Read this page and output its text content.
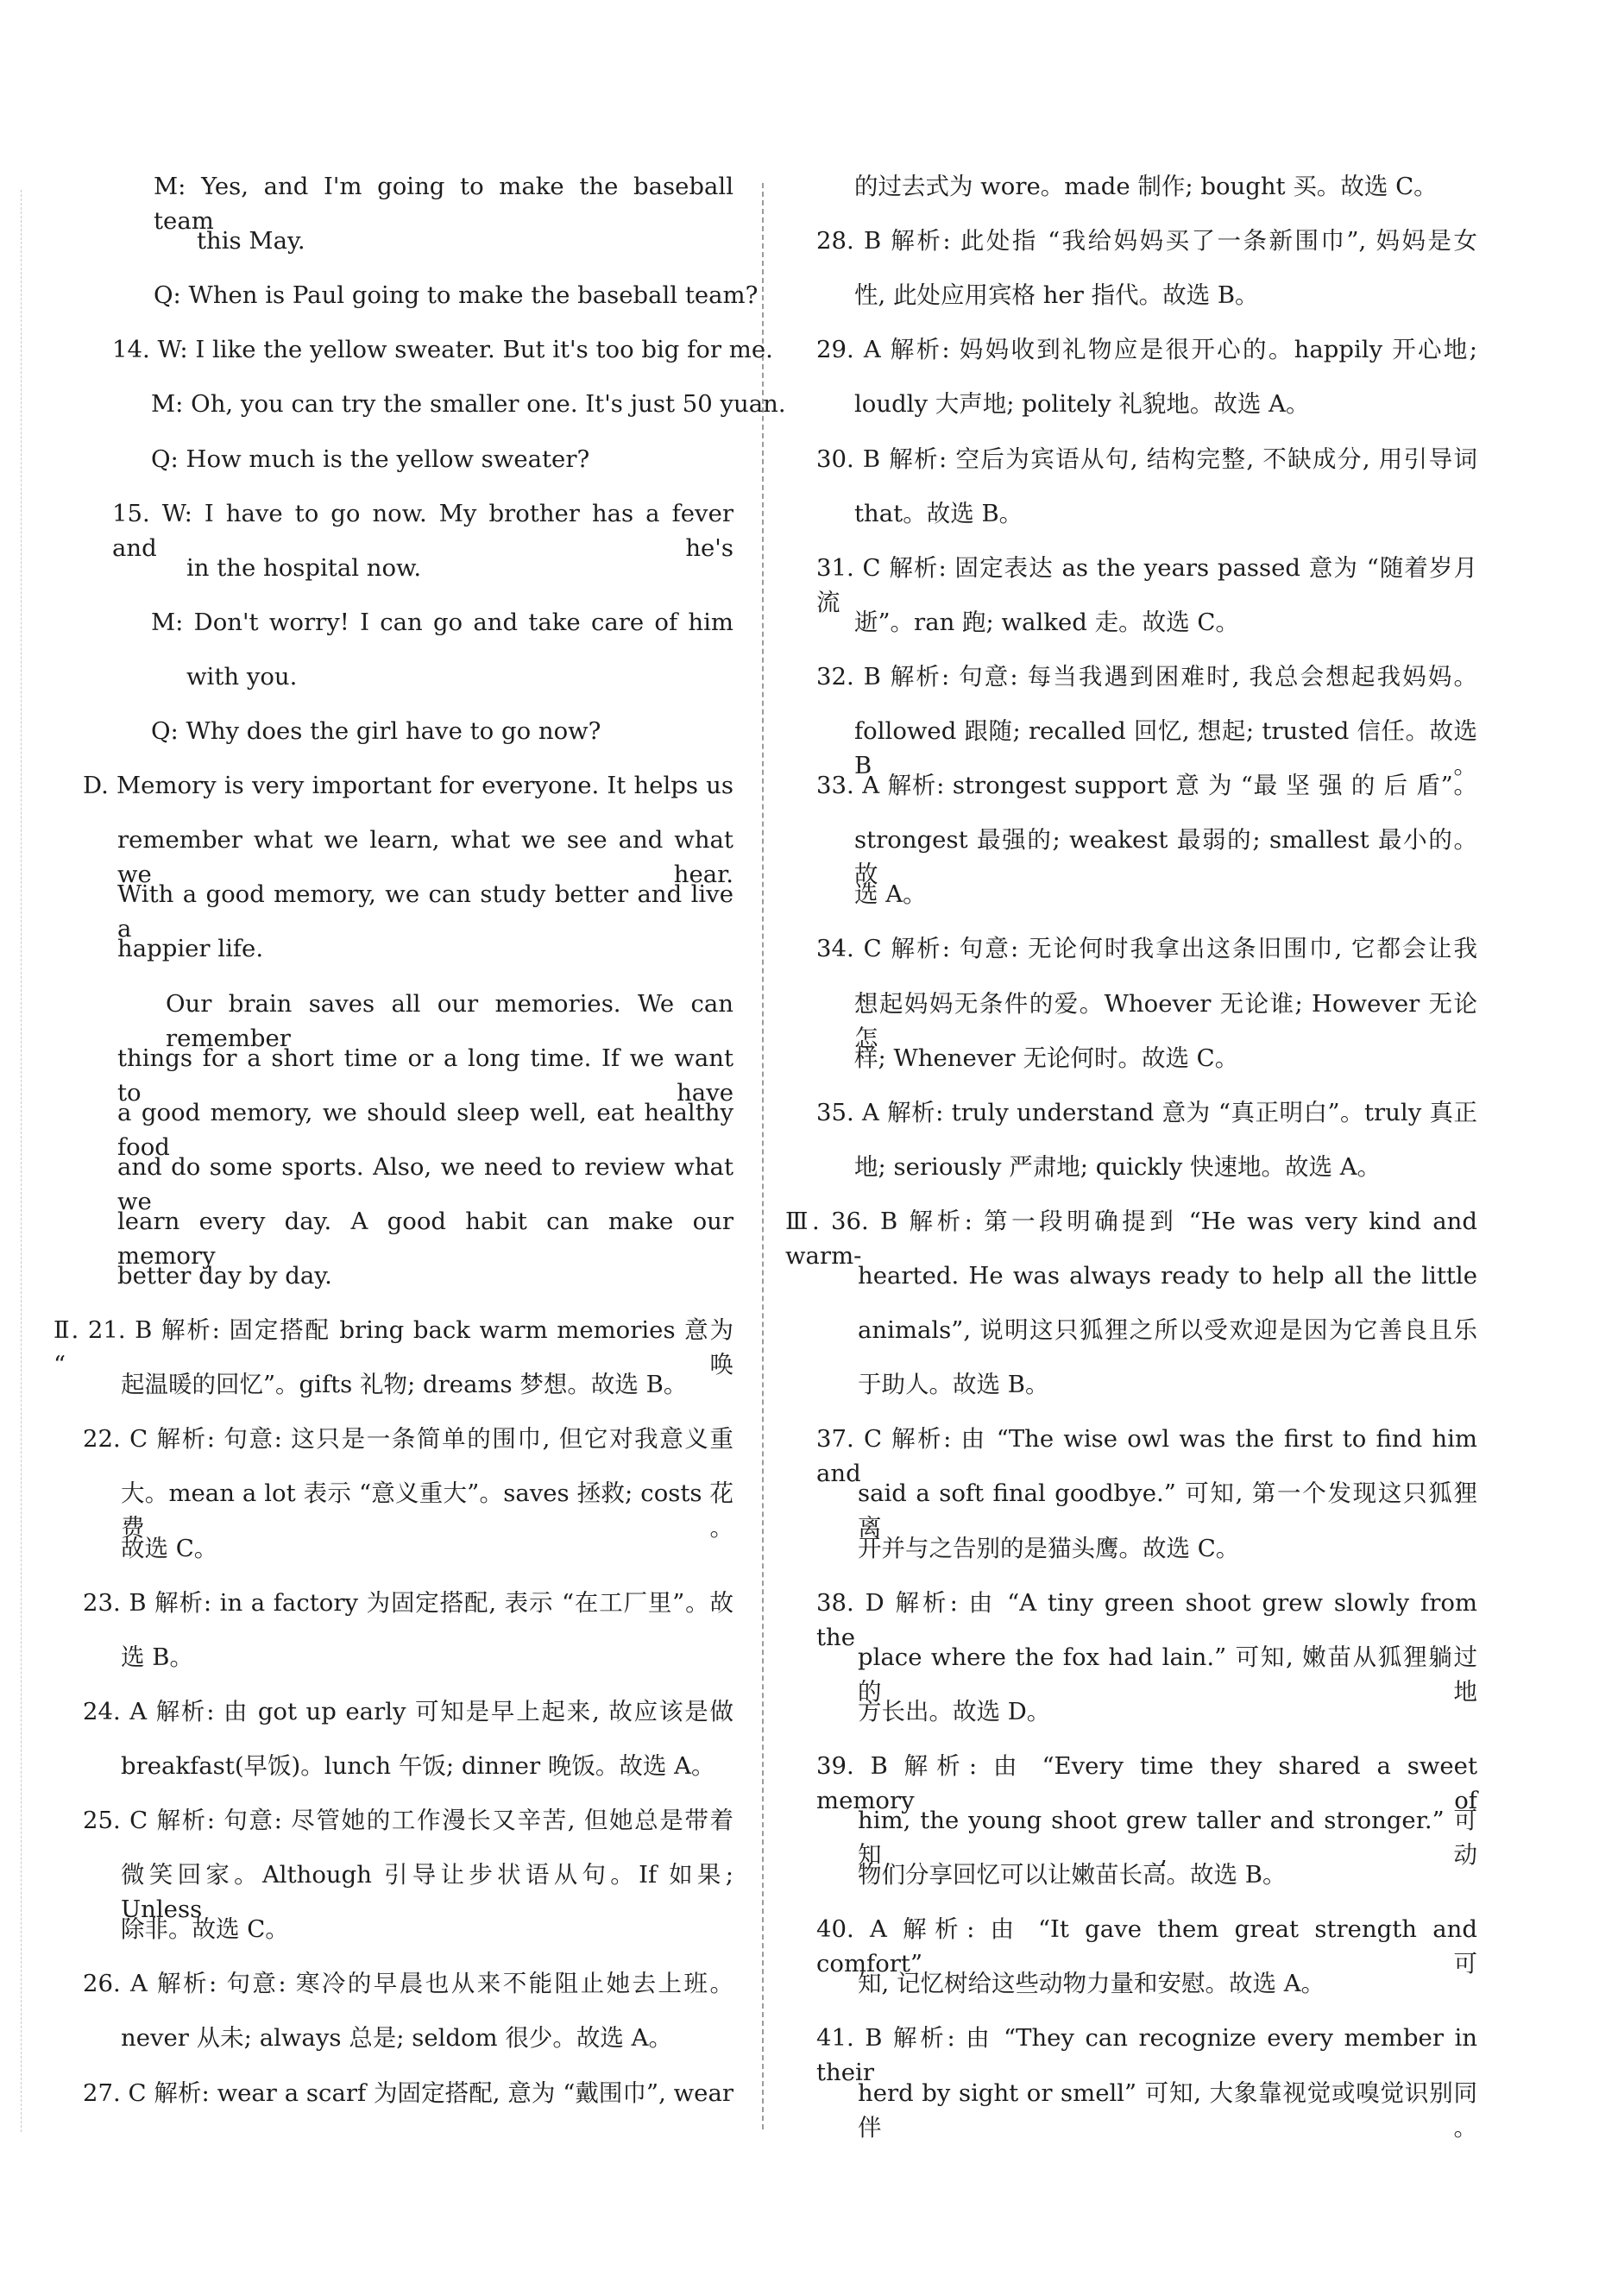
M: Yes, and I'm going to make the baseball team
this May.
Q: When is Paul going to make the baseball team?
14. W: I like the yellow sweater. But it's too big for me.
M: Oh, you can try the smaller one. It's just 50 yuan.
Q: How much is the yellow sweater?
15. W: I have to go now. My brother has a fever and he's
in the hospital now.
M: Don't worry! I can go and take care of him
with you.
Q: Why does the girl have to go now?
D. Memory is very important for everyone. It helps us
remember what we learn, what we see and what we hear.
With a good memory, we can study better and live a
happier life.
Our brain saves all our memories. We can remember
things for a short time or a long time. If we want to have
a good memory, we should sleep well, eat healthy food
and do some sports. Also, we need to review what we
learn every day. A good habit can make our memory
better day by day.
Ⅱ. 21. B 解析: 固定搭配 bring back warm memories 意为 “唤
起温暖的回忆”。gifts 礼物; dreams 梦想。故选 B。
22. C 解析: 句意: 这只是一条简单的围巾, 但它对我意义重
大。mean a lot 表示 “意义重大”。saves 拯救; costs 花费。
故选 C。
23. B 解析: in a factory 为固定搭配, 表示 “在工厂里”。故
选 B。
24. A 解析: 由 got up early 可知是早上起来, 故应该是做
breakfast(早饭)。lunch 午饭; dinner 晚饭。故选 A。
25. C 解析: 句意: 尽管她的工作漫长又辛苦, 但她总是带着
微笑回家。Although 引导让步状语从句。If 如果; Unless
除非。故选 C。
26. A 解析: 句意: 寒冷的早晨也从来不能阻止她去上班。
never 从未; always 总是; seldom 很少。故选 A。
27. C 解析: wear a scarf 为固定搭配, 意为 “戴围巾”, wear
的过去式为 wore。made 制作; bought 买。故选 C。
28. B 解析: 此处指 “我给妈妈买了一条新围巾”, 妈妈是女
性, 此处应用宾格 her 指代。故选 B。
29. A 解析: 妈妈收到礼物应是很开心的。happily 开心地;
loudly 大声地; politely 礼貌地。故选 A。
30. B 解析: 空后为宾语从句, 结构完整, 不缺成分, 用引导词
that。故选 B。
31. C 解析: 固定表达 as the years passed 意为 “随着岁月流
逝”。ran 跑; walked 走。故选 C。
32. B 解析: 句意: 每当我遇到困难时, 我总会想起我妈妈。
followed 跟随; recalled 回忆, 想起; trusted 信任。故选 B。
33. A 解析: strongest support 意 为 “最 坚 强 的 后 盾”。
strongest 最强的; weakest 最弱的; smallest 最小的。故
选 A。
34. C 解析: 句意: 无论何时我拿出这条旧围巾, 它都会让我
想起妈妈无条件的爱。Whoever 无论谁; However 无论怎
样; Whenever 无论何时。故选 C。
35. A 解析: truly understand 意为 “真正明白”。truly 真正
地; seriously 严肃地; quickly 快速地。故选 A。
Ⅲ. 36. B 解析: 第一段明确提到 “He was very kind and warm-
hearted. He was always ready to help all the little
animals”, 说明这只狐狸之所以受欢迎是因为它善良且乐
于助人。故选 B。
37. C 解析: 由 “The wise owl was the first to find him and
said a soft final goodbye.” 可知, 第一个发现这只狐狸离
开并与之告别的是猫头鹰。故选 C。
38. D 解析: 由 “A tiny green shoot grew slowly from the
place where the fox had lain.” 可知, 嫩苗从狐狸躺过的地
方长出。故选 D。
39. B 解析: 由 “Every time they shared a sweet memory of
him, the young shoot grew taller and stronger.” 可知, 动
物们分享回忆可以让嫩苗长高。故选 B。
40. A 解析: 由 “It gave them great strength and comfort” 可
知, 记忆树给这些动物力量和安慰。故选 A。
41. B 解析: 由 “They can recognize every member in their
herd by sight or smell” 可知, 大象靠视觉或嗅觉识别同伴。
